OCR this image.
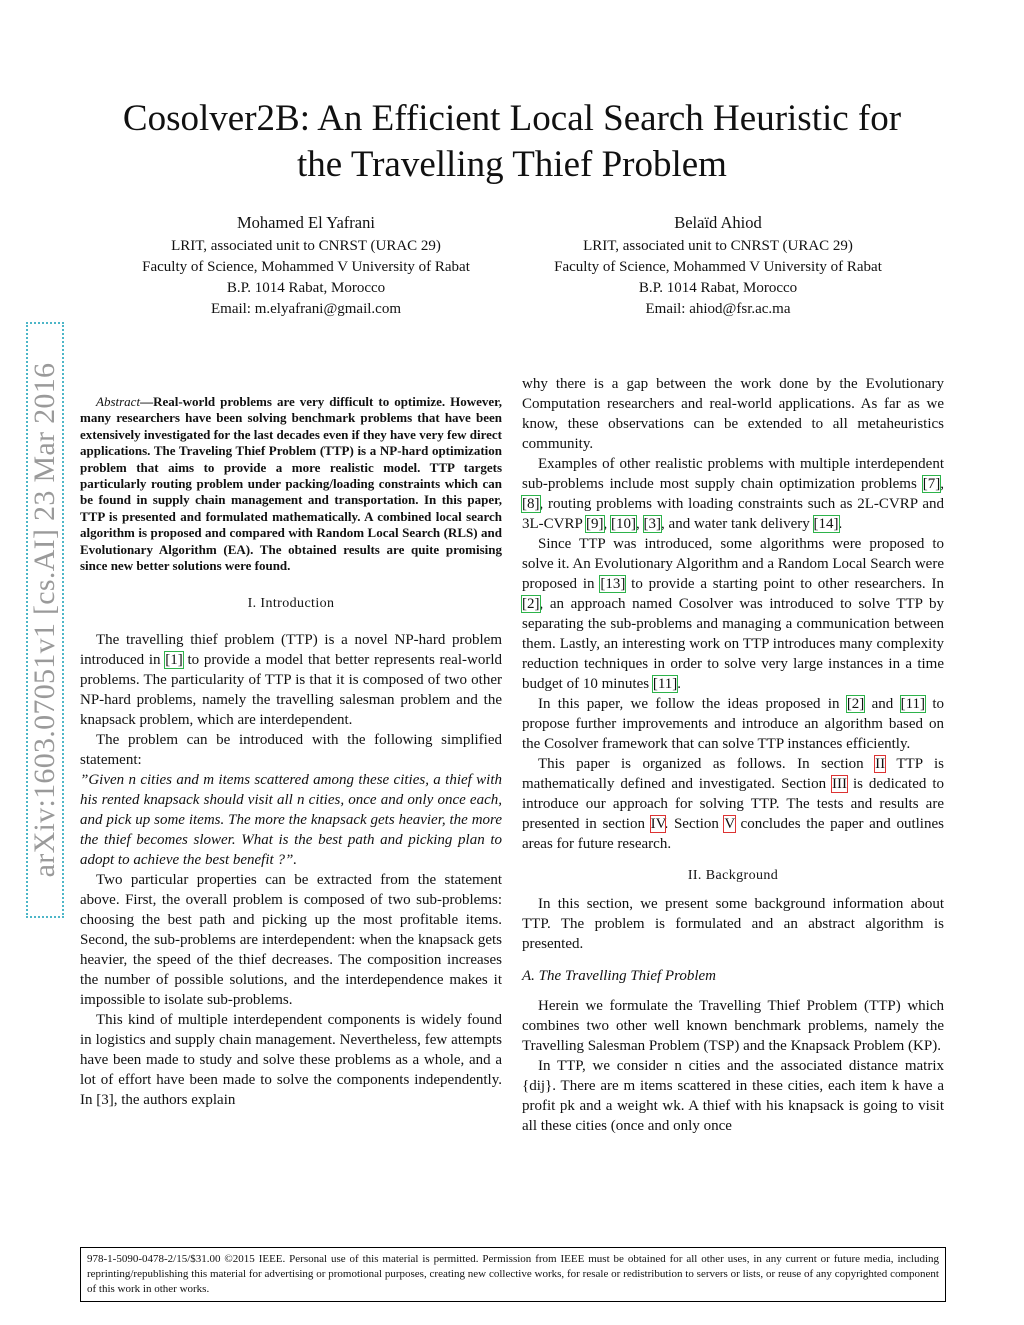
Cosolver2B: An Efficient Local Search Heuristic for
the Travelling Thief Problem
Mohamed El Yafrani
LRIT, associated unit to CNRST (URAC 29)
Faculty of Science, Mohammed V University of Rabat
B.P. 1014 Rabat, Morocco
Email: m.elyafrani@gmail.com
Belaïd Ahiod
LRIT, associated unit to CNRST (URAC 29)
Faculty of Science, Mohammed V University of Rabat
B.P. 1014 Rabat, Morocco
Email: ahiod@fsr.ac.ma
arXiv:1603.07051v1 [cs.AI] 23 Mar 2016	Abstract—Real-world problems are very difficult to optimize. However, many researchers have been solving benchmark problems that have been extensively investigated for the last decades even if they have very few direct applications. The Traveling Thief Problem (TTP) is a NP-hard optimization problem that aims to provide a more realistic model. TTP targets particularly routing problem under packing/loading constraints which can be found in supply chain management and transportation. In this paper, TTP is presented and formulated mathematically. A combined local search algorithm is proposed and compared with Random Local Search (RLS) and Evolutionary Algorithm (EA). The obtained results are quite promising since new better solutions were found.

I. Introduction

The travelling thief problem (TTP) is a novel NP-hard problem introduced in [1] to provide a model that better represents real-world problems. The particularity of TTP is that it is composed of two other NP-hard problems, namely the travelling salesman problem and the knapsack problem, which are interdependent.

The problem can be introduced with the following simplified statement:

”Given n cities and m items scattered among these cities, a thief with his rented knapsack should visit all n cities, once and only once each, and pick up some items. The more the knapsack gets heavier, the more the thief becomes slower. What is the best path and picking plan to adopt to achieve the best benefit ?”.

Two particular properties can be extracted from the statement above. First, the overall problem is composed of two sub-problems: choosing the best path and picking up the most profitable items. Second, the sub-problems are interdependent: when the knapsack gets heavier, the speed of the thief decreases. The composition increases the number of possible solutions, and the interdependence makes it impossible to isolate sub-problems.

This kind of multiple interdependent components is widely found in logistics and supply chain management. Nevertheless, few attempts have been made to study and solve these problems as a whole, and a lot of effort have been made to solve the components independently. In [3], the authors explain

why there is a gap between the work done by the Evolutionary Computation researchers and real-world applications. As far as we know, these observations can be extended to all metaheuristics community.

Examples of other realistic problems with multiple interdependent sub-problems include most supply chain optimization problems [7], [8], routing problems with loading constraints such as 2L-CVRP and 3L-CVRP [9], [10], [3], and water tank delivery [14].

Since TTP was introduced, some algorithms were proposed to solve it. An Evolutionary Algorithm and a Random Local Search were proposed in [13] to provide a starting point to other researchers. In [2], an approach named Cosolver was introduced to solve TTP by separating the sub-problems and managing a communication between them. Lastly, an interesting work on TTP introduces many complexity reduction techniques in order to solve very large instances in a time budget of 10 minutes [11].

In this paper, we follow the ideas proposed in [2] and [11] to propose further improvements and introduce an algorithm based on the Cosolver framework that can solve TTP instances efficiently.

This paper is organized as follows. In section II TTP is mathematically defined and investigated. Section III is dedicated to introduce our approach for solving TTP. The tests and results are presented in section IV. Section V concludes the paper and outlines areas for future research.

II. Background

In this section, we present some background information about TTP. The problem is formulated and an abstract algorithm is presented.

A. The Travelling Thief Problem

Herein we formulate the Travelling Thief Problem (TTP) which combines two other well known benchmark problems, namely the Travelling Salesman Problem (TSP) and the Knapsack Problem (KP).

In TTP, we consider n cities and the associated distance matrix {dij}. There are m items scattered in these cities, each item k have a profit pk and a weight wk. A thief with his knapsack is going to visit all these cities (once and only once

978-1-5090-0478-2/15/$31.00 ©2015 IEEE. Personal use of this material is permitted. Permission from IEEE must be obtained for all other uses, in any current or future media, including reprinting/republishing this material for advertising or promotional purposes, creating new collective works, for resale or redistribution to servers or lists, or reuse of any copyrighted component of this work in other works.
